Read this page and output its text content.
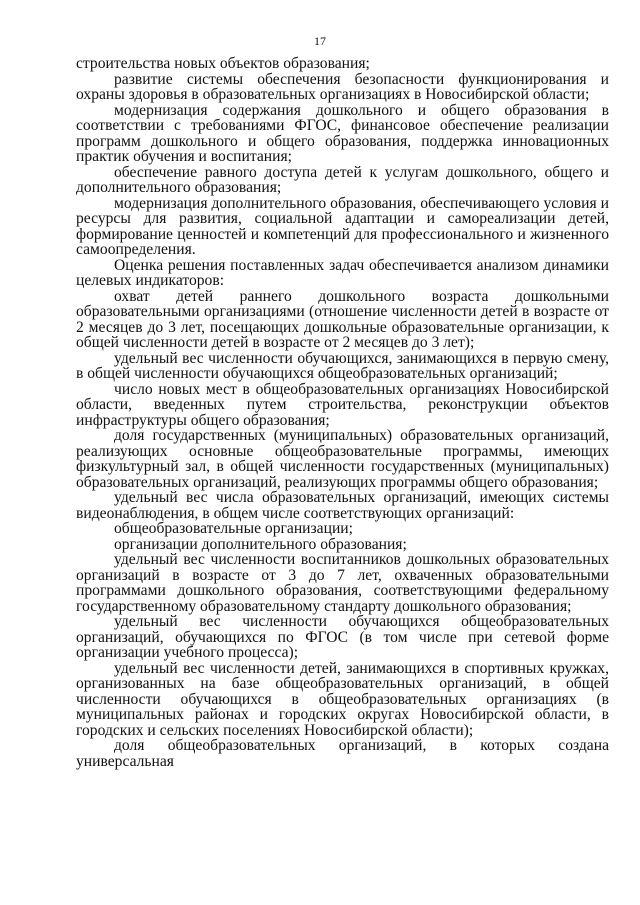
17

строительства новых объектов образования;

развитие системы обеспечения безопасности функционирования и охраны здоровья в образовательных организациях в Новосибирской области;

модернизация содержания дошкольного и общего образования в соответствии с требованиями ФГОС, финансовое обеспечение реализации программ дошкольного и общего образования, поддержка инновационных практик обучения и воспитания;

обеспечение равного доступа детей к услугам дошкольного, общего и дополнительного образования;

модернизация дополнительного образования, обеспечивающего условия и ресурсы для развития, социальной адаптации и самореализации детей, формирование ценностей и компетенций для профессионального и жизненного самоопределения.

Оценка решения поставленных задач обеспечивается анализом динамики целевых индикаторов:

охват детей раннего дошкольного возраста дошкольными образовательными организациями (отношение численности детей в возрасте от 2 месяцев до 3 лет, посещающих дошкольные образовательные организации, к общей численности детей в возрасте от 2 месяцев до 3 лет);

удельный вес численности обучающихся, занимающихся в первую смену, в общей численности обучающихся общеобразовательных организаций;

число новых мест в общеобразовательных организациях Новосибирской области, введенных путем строительства, реконструкции объектов инфраструктуры общего образования;

доля государственных (муниципальных) образовательных организаций, реализующих основные общеобразовательные программы, имеющих физкультурный зал, в общей численности государственных (муниципальных) образовательных организаций, реализующих программы общего образования;

удельный вес числа образовательных организаций, имеющих системы видеонаблюдения, в общем числе соответствующих организаций:

общеобразовательные организации;

организации дополнительного образования;

удельный вес численности воспитанников дошкольных образовательных организаций в возрасте от 3 до 7 лет, охваченных образовательными программами дошкольного образования, соответствующими федеральному государственному образовательному стандарту дошкольного образования;

удельный вес численности обучающихся общеобразовательных организаций, обучающихся по ФГОС (в том числе при сетевой форме организации учебного процесса);

удельный вес численности детей, занимающихся в спортивных кружках, организованных на базе общеобразовательных организаций, в общей численности обучающихся в общеобразовательных организациях (в муниципальных районах и городских округах Новосибирской области, в городских и сельских поселениях Новосибирской области);

доля общеобразовательных организаций, в которых создана универсальная
